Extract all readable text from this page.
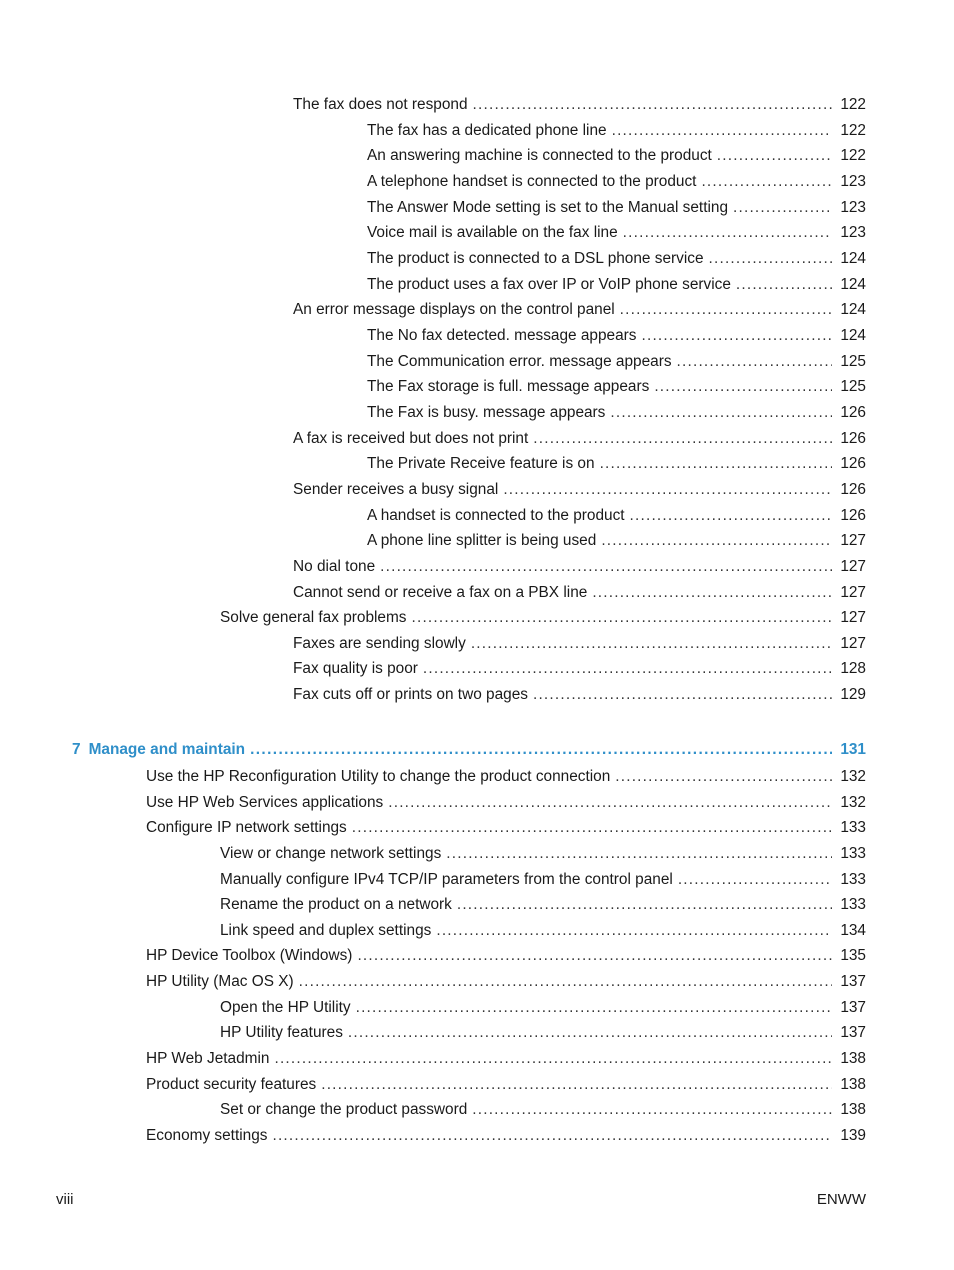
The fax does not respond .....	122
The fax has a dedicated phone line .....	122
An answering machine is connected to the product .....	122
A telephone handset is connected to the product .....	123
The Answer Mode setting is set to the Manual setting .....	123
Voice mail is available on the fax line .....	123
The product is connected to a DSL phone service .....	124
The product uses a fax over IP or VoIP phone service .....	124
An error message displays on the control panel .....	124
The No fax detected. message appears .....	124
The Communication error. message appears .....	125
The Fax storage is full. message appears .....	125
The Fax is busy. message appears .....	126
A fax is received but does not print .....	126
The Private Receive feature is on .....	126
Sender receives a busy signal .....	126
A handset is connected to the product .....	126
A phone line splitter is being used .....	127
No dial tone .....	127
Cannot send or receive a fax on a PBX line .....	127
Solve general fax problems .....	127
Faxes are sending slowly .....	127
Fax quality is poor .....	128
Fax cuts off or prints on two pages .....	129
7 Manage and maintain .....	131
Use the HP Reconfiguration Utility to change the product connection .....	132
Use HP Web Services applications .....	132
Configure IP network settings .....	133
View or change network settings .....	133
Manually configure IPv4 TCP/IP parameters from the control panel .....	133
Rename the product on a network .....	133
Link speed and duplex settings .....	134
HP Device Toolbox (Windows) .....	135
HP Utility (Mac OS X) .....	137
Open the HP Utility .....	137
HP Utility features .....	137
HP Web Jetadmin .....	138
Product security features .....	138
Set or change the product password .....	138
Economy settings .....	139
viii	ENWW
